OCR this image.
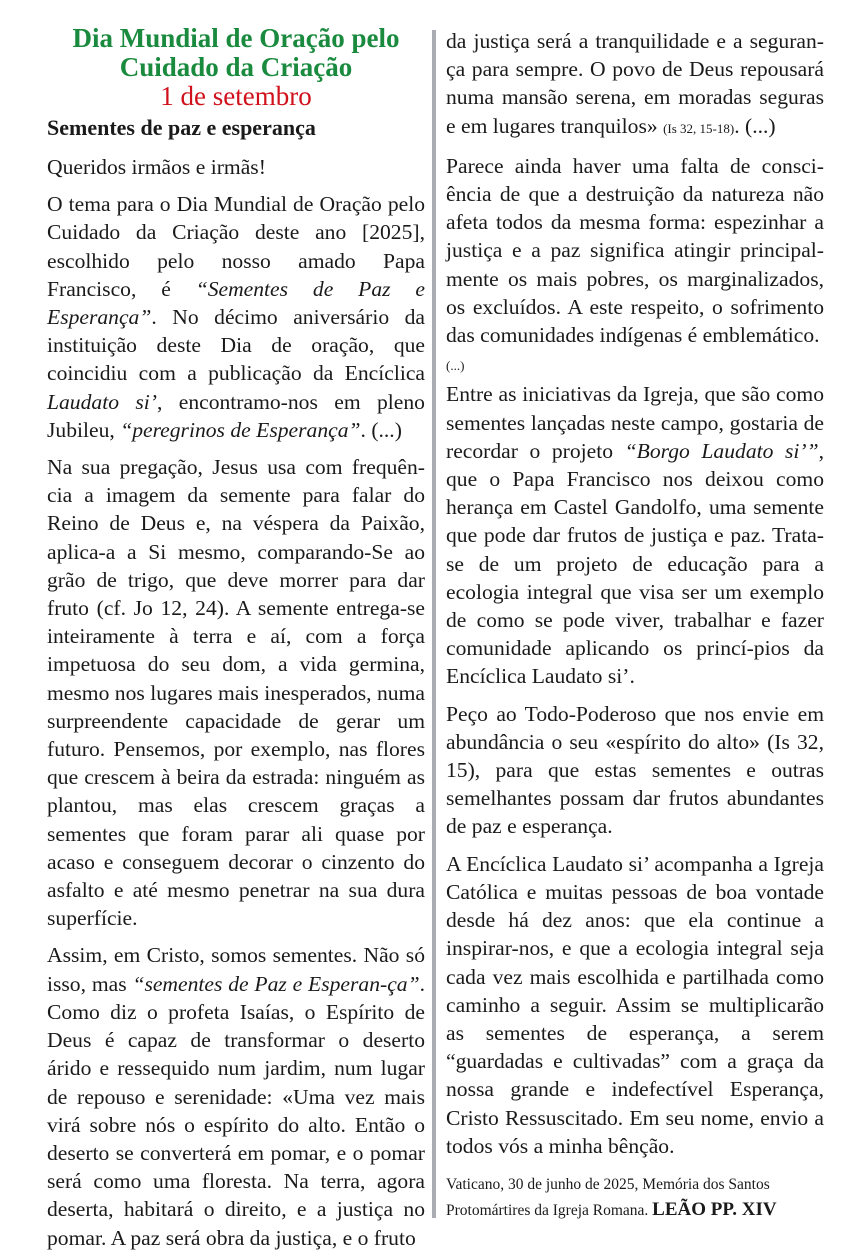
Dia Mundial de Oração pelo
Cuidado da Criação
1 de setembro
Sementes de paz e esperança

Queridos irmãos e irmãs!

O tema para o Dia Mundial de Oração pelo Cuidado da Criação deste ano [2025], escolhido pelo nosso amado Papa Francisco, é “Sementes de Paz e Esperança”. No décimo aniversário da instituição deste Dia de oração, que coincidiu com a publicação da Encíclica Laudato si’, encontramo-nos em pleno Jubileu, “peregrinos de Esperança”. (...)

Na sua pregação, Jesus usa com frequên-cia a imagem da semente para falar do Reino de Deus e, na véspera da Paixão, aplica-a a Si mesmo, comparando-Se ao grão de trigo, que deve morrer para dar fruto (cf. Jo 12, 24). A semente entrega-se inteiramente à terra e aí, com a força impetuosa do seu dom, a vida germina, mesmo nos lugares mais inesperados, numa surpreendente capacidade de gerar um futuro. Pensemos, por exemplo, nas flores que crescem à beira da estrada: ninguém as plantou, mas elas crescem graças a sementes que foram parar ali quase por acaso e conseguem decorar o cinzento do asfalto e até mesmo penetrar na sua dura superfície.

Assim, em Cristo, somos sementes. Não só isso, mas “sementes de Paz e Esperan-ça”. Como diz o profeta Isaías, o Espírito de Deus é capaz de transformar o deserto árido e ressequido num jardim, num lugar de repouso e serenidade: «Uma vez mais virá sobre nós o espírito do alto. Então o deserto se converterá em pomar, e o pomar será como uma floresta. Na terra, agora deserta, habitará o direito, e a justiça no pomar. A paz será obra da justiça, e o fruto

da justiça será a tranquilidade e a seguran-ça para sempre. O povo de Deus repousará numa mansão serena, em moradas seguras e em lugares tranquilos» (Is 32, 15-18). (...)

Parece ainda haver uma falta de consci-ência de que a destruição da natureza não afeta todos da mesma forma: espezinhar a justiça e a paz significa atingir principal-mente os mais pobres, os marginalizados, os excluídos. A este respeito, o sofrimento das comunidades indígenas é emblemático.
(...)

Entre as iniciativas da Igreja, que são como sementes lançadas neste campo, gostaria de recordar o projeto “Borgo Laudato si’”, que o Papa Francisco nos deixou como herança em Castel Gandolfo, uma semente que pode dar frutos de justiça e paz. Trata-se de um projeto de educação para a ecologia integral que visa ser um exemplo de como se pode viver, trabalhar e fazer comunidade aplicando os princí-pios da Encíclica Laudato si’.

Peço ao Todo-Poderoso que nos envie em abundância o seu «espírito do alto» (Is 32, 15), para que estas sementes e outras semelhantes possam dar frutos abundantes de paz e esperança.

A Encíclica Laudato si’ acompanha a Igreja Católica e muitas pessoas de boa vontade desde há dez anos: que ela continue a inspirar-nos, e que a ecologia integral seja cada vez mais escolhida e partilhada como caminho a seguir. Assim se multiplicarão as sementes de esperança, a serem “guardadas e cultivadas” com a graça da nossa grande e indefectível Esperança, Cristo Ressuscitado. Em seu nome, envio a todos vós a minha bênção.

Vaticano, 30 de junho de 2025, Memória dos Santos Protomártires da Igreja Romana. LEÃO PP. XIV
